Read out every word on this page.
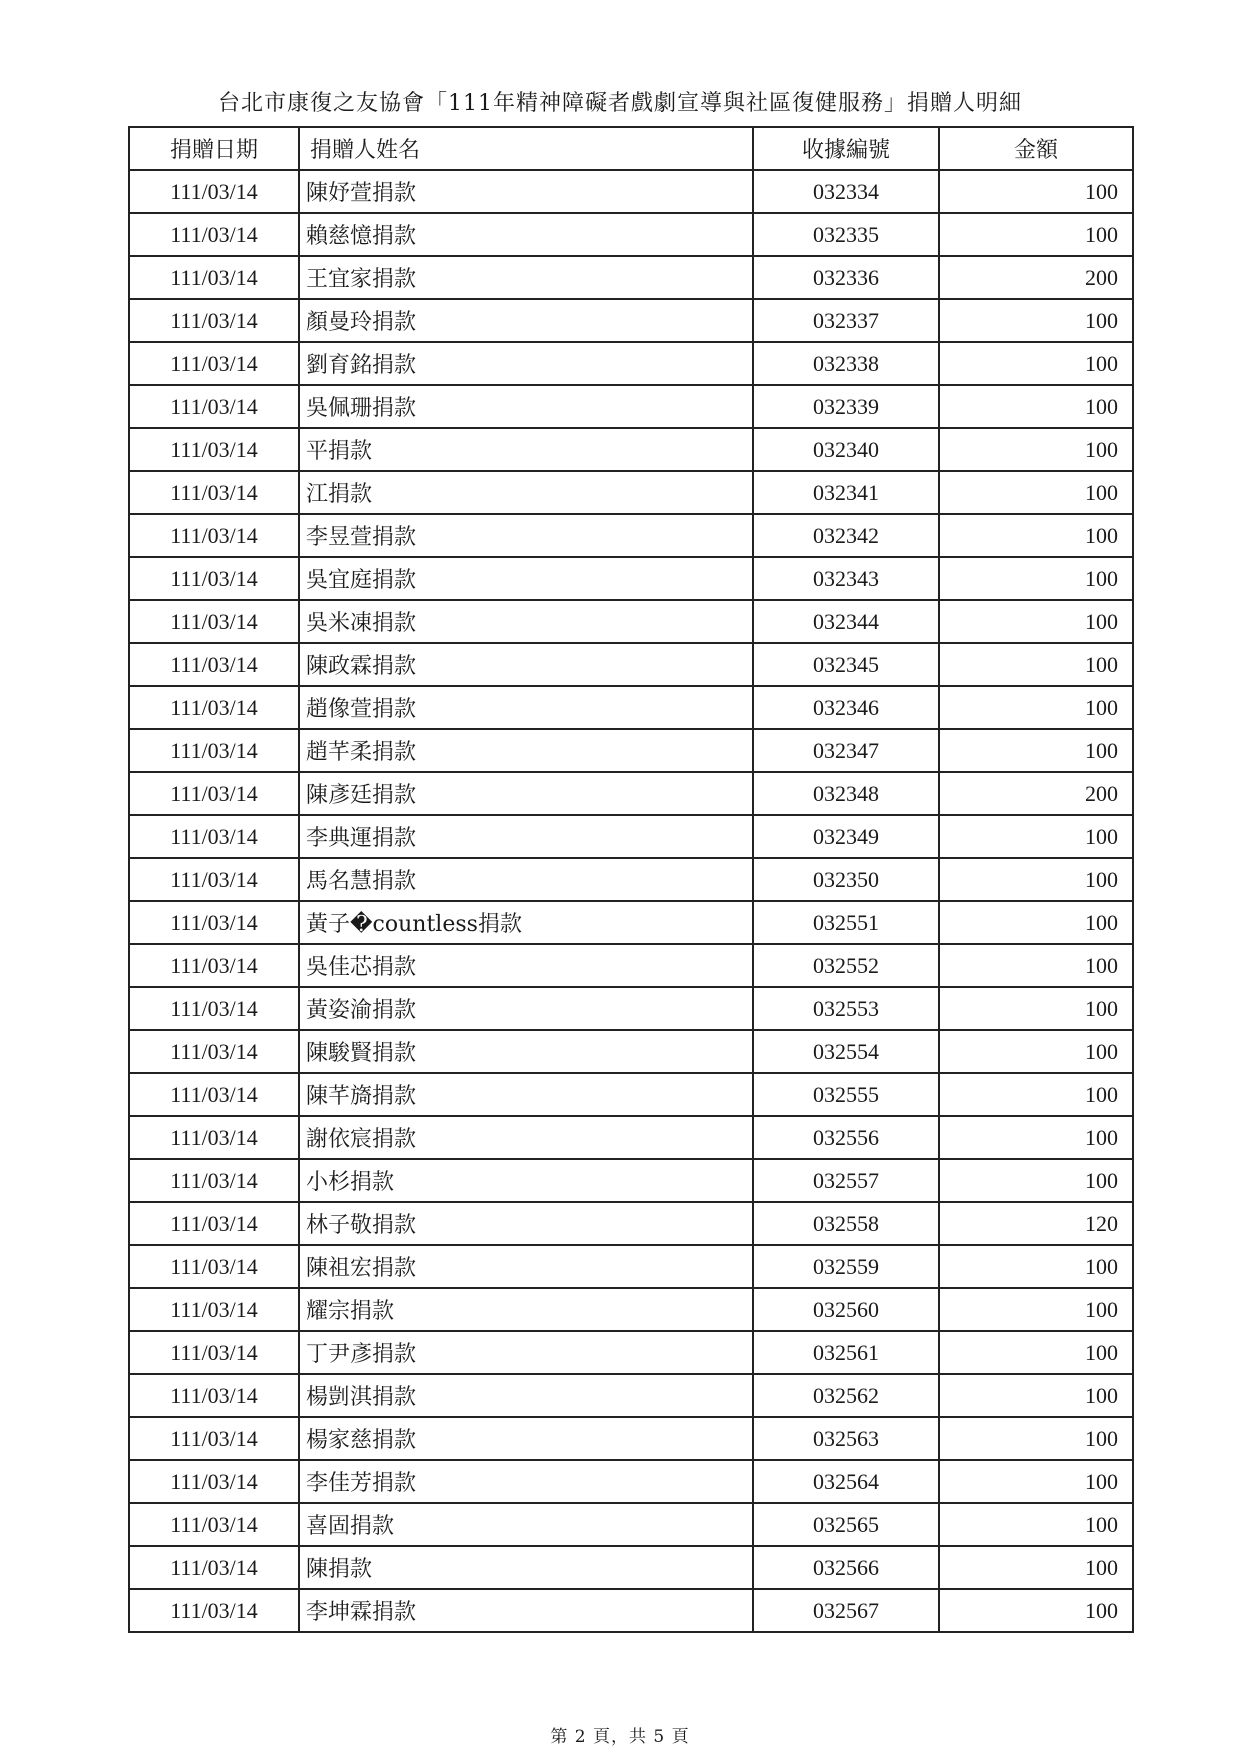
台北市康復之友協會「111年精神障礙者戲劇宣導與社區復健服務」捐贈人明細
捐贈日期	捐贈人姓名	收據編號	金額
111/03/14	陳妤萱捐款	032334	100
111/03/14	賴慈憶捐款	032335	100
111/03/14	王宜家捐款	032336	200
111/03/14	顏曼玲捐款	032337	100
111/03/14	劉育銘捐款	032338	100
111/03/14	吳佩珊捐款	032339	100
111/03/14	平捐款	032340	100
111/03/14	江捐款	032341	100
111/03/14	李昱萱捐款	032342	100
111/03/14	吳宜庭捐款	032343	100
111/03/14	吳米凍捐款	032344	100
111/03/14	陳政霖捐款	032345	100
111/03/14	趙像萱捐款	032346	100
111/03/14	趙芊柔捐款	032347	100
111/03/14	陳彥廷捐款	032348	200
111/03/14	李典運捐款	032349	100
111/03/14	馬名慧捐款	032350	100
111/03/14	黃子�countless捐款	032551	100
111/03/14	吳佳芯捐款	032552	100
111/03/14	黃姿渝捐款	032553	100
111/03/14	陳駿賢捐款	032554	100
111/03/14	陳芊旖捐款	032555	100
111/03/14	謝依宸捐款	032556	100
111/03/14	小杉捐款	032557	100
111/03/14	林子敬捐款	032558	120
111/03/14	陳祖宏捐款	032559	100
111/03/14	耀宗捐款	032560	100
111/03/14	丁尹彥捐款	032561	100
111/03/14	楊剴淇捐款	032562	100
111/03/14	楊家慈捐款	032563	100
111/03/14	李佳芳捐款	032564	100
111/03/14	喜固捐款	032565	100
111/03/14	陳捐款	032566	100
111/03/14	李坤霖捐款	032567	100
第 2 頁，共 5 頁
